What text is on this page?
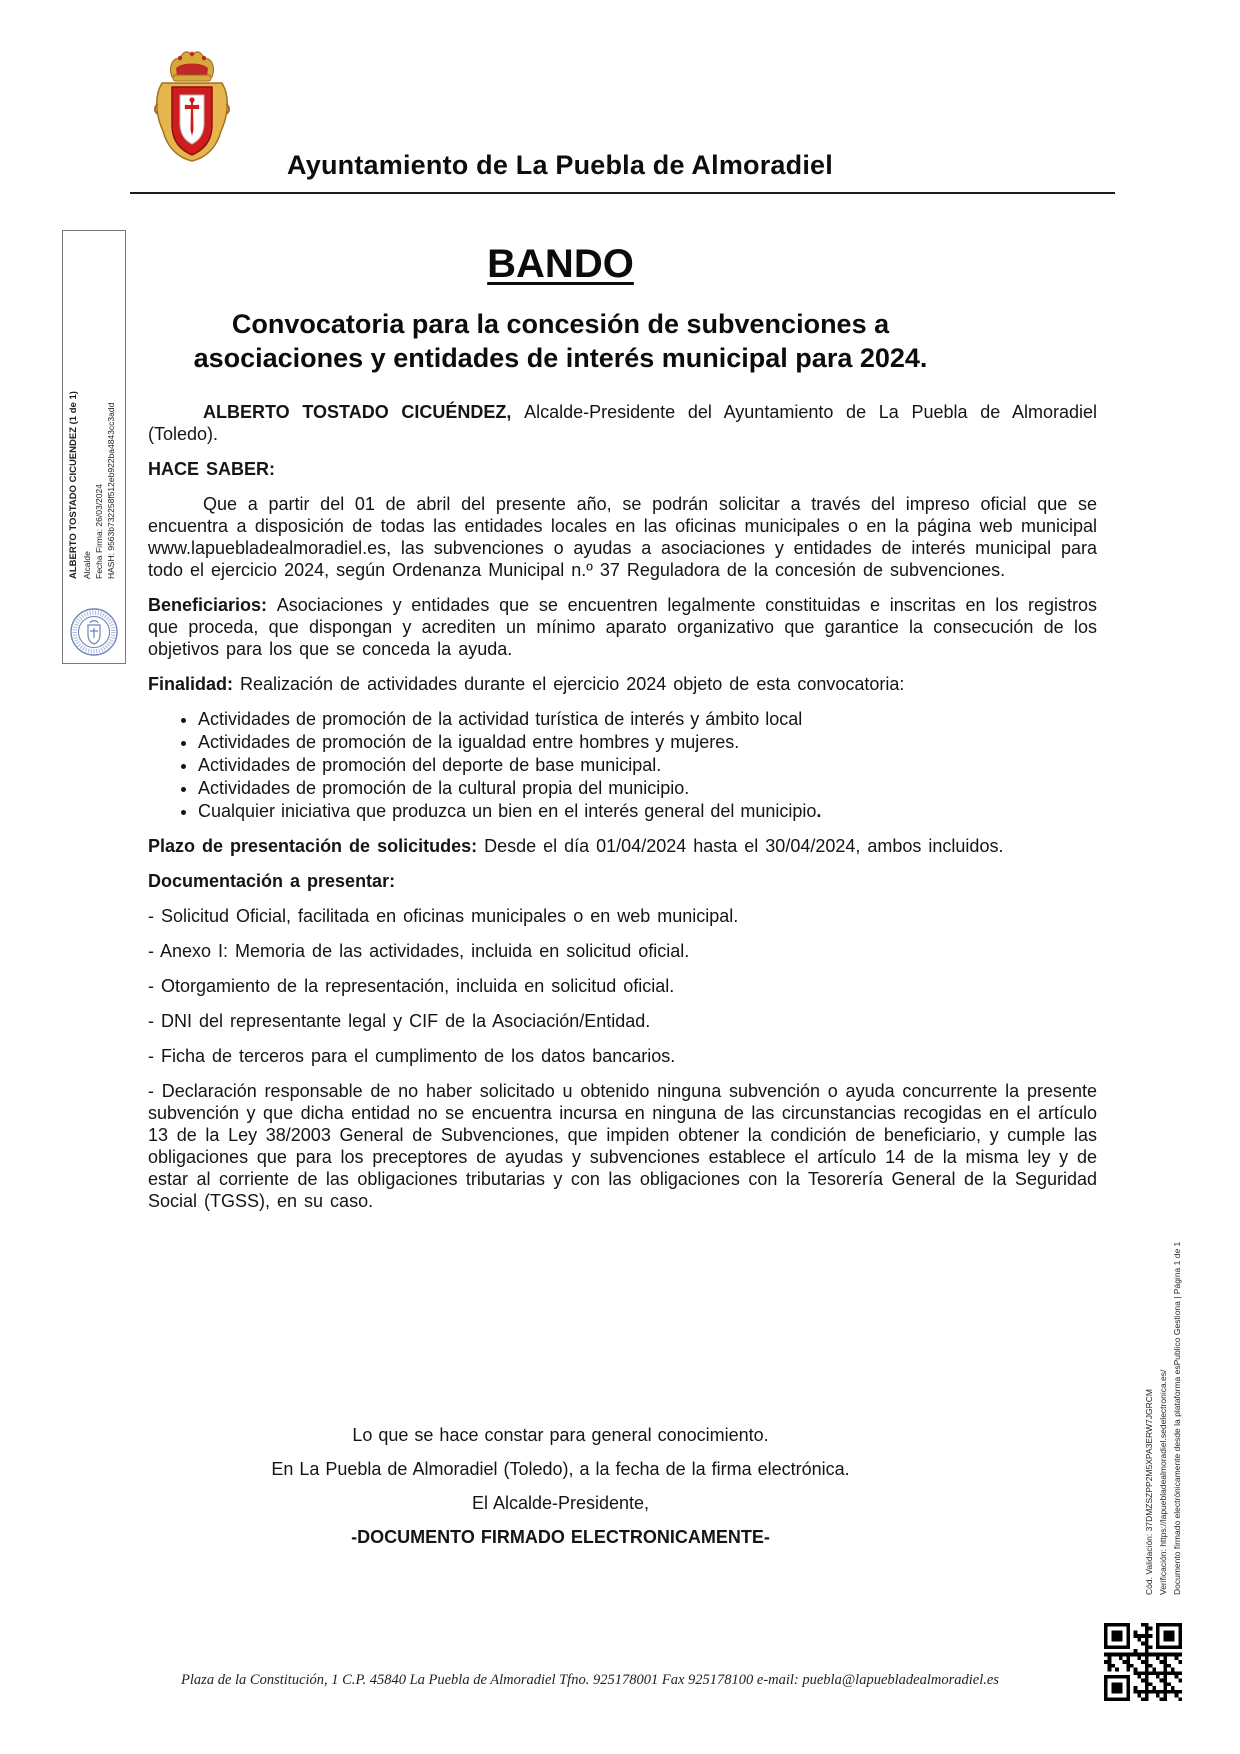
Ayuntamiento de La Puebla de Almoradiel
ALBERTO TOSTADO CICUENDEZ (1 de 1) Alcalde Fecha Firma: 26/03/2024 HASH: 9563b732258f512eb922ba4843cc3add
BANDO
Convocatoria para la concesión de subvenciones a asociaciones y entidades de interés municipal para 2024.

ALBERTO TOSTADO CICUÉNDEZ, Alcalde-Presidente del Ayuntamiento de La Puebla de Almoradiel (Toledo).

HACE SABER:

Que a partir del 01 de abril del presente año, se podrán solicitar a través del impreso oficial que se encuentra a disposición de todas las entidades locales en las oficinas municipales o en la página web municipal www.lapuebladealmoradiel.es, las subvenciones o ayudas a asociaciones y entidades de interés municipal para todo el ejercicio 2024, según Ordenanza Municipal n.º 37 Reguladora de la concesión de subvenciones.

Beneficiarios: Asociaciones y entidades que se encuentren legalmente constituidas e inscritas en los registros que proceda, que dispongan y acrediten un mínimo aparato organizativo que garantice la consecución de los objetivos para los que se conceda la ayuda.

Finalidad: Realización de actividades durante el ejercicio 2024 objeto de esta convocatoria:

• Actividades de promoción de la actividad turística de interés y ámbito local
• Actividades de promoción de la igualdad entre hombres y mujeres.
• Actividades de promoción del deporte de base municipal.
• Actividades de promoción de la cultural propia del municipio.
• Cualquier iniciativa que produzca un bien en el interés general del municipio.

Plazo de presentación de solicitudes: Desde el día 01/04/2024 hasta el 30/04/2024, ambos incluidos.

Documentación a presentar:

- Solicitud Oficial, facilitada en oficinas municipales o en web municipal.

- Anexo I: Memoria de las actividades, incluida en solicitud oficial.

- Otorgamiento de la representación, incluida en solicitud oficial.

- DNI del representante legal y CIF de la Asociación/Entidad.

- Ficha de terceros para el cumplimento de los datos bancarios.

- Declaración responsable de no haber solicitado u obtenido ninguna subvención o ayuda concurrente la presente subvención y que dicha entidad no se encuentra incursa en ninguna de las circunstancias recogidas en el artículo 13 de la Ley 38/2003 General de Subvenciones, que impiden obtener la condición de beneficiario, y cumple las obligaciones que para los preceptores de ayudas y subvenciones establece el artículo 14 de la misma ley y de estar al corriente de las obligaciones tributarias y con las obligaciones con la Tesorería General de la Seguridad Social (TGSS), en su caso.

Lo que se hace constar para general conocimiento.

En La Puebla de Almoradiel (Toledo), a la fecha de la firma electrónica.

El Alcalde-Presidente,

-DOCUMENTO FIRMADO ELECTRONICAMENTE-

Plaza de la Constitución, 1 C.P. 45840 La Puebla de Almoradiel Tfno. 925178001 Fax 925178100 e-mail: puebla@lapuebladealmoradiel.es
Cód. Validación: 37DMZSZPP2M5XPA3ERW7JGRCM Verificación: https://lapuebladealmoradiel.sedelectronica.es/ Documento firmado electrónicamente desde la plataforma esPublico Gestiona | Página 1 de 1
